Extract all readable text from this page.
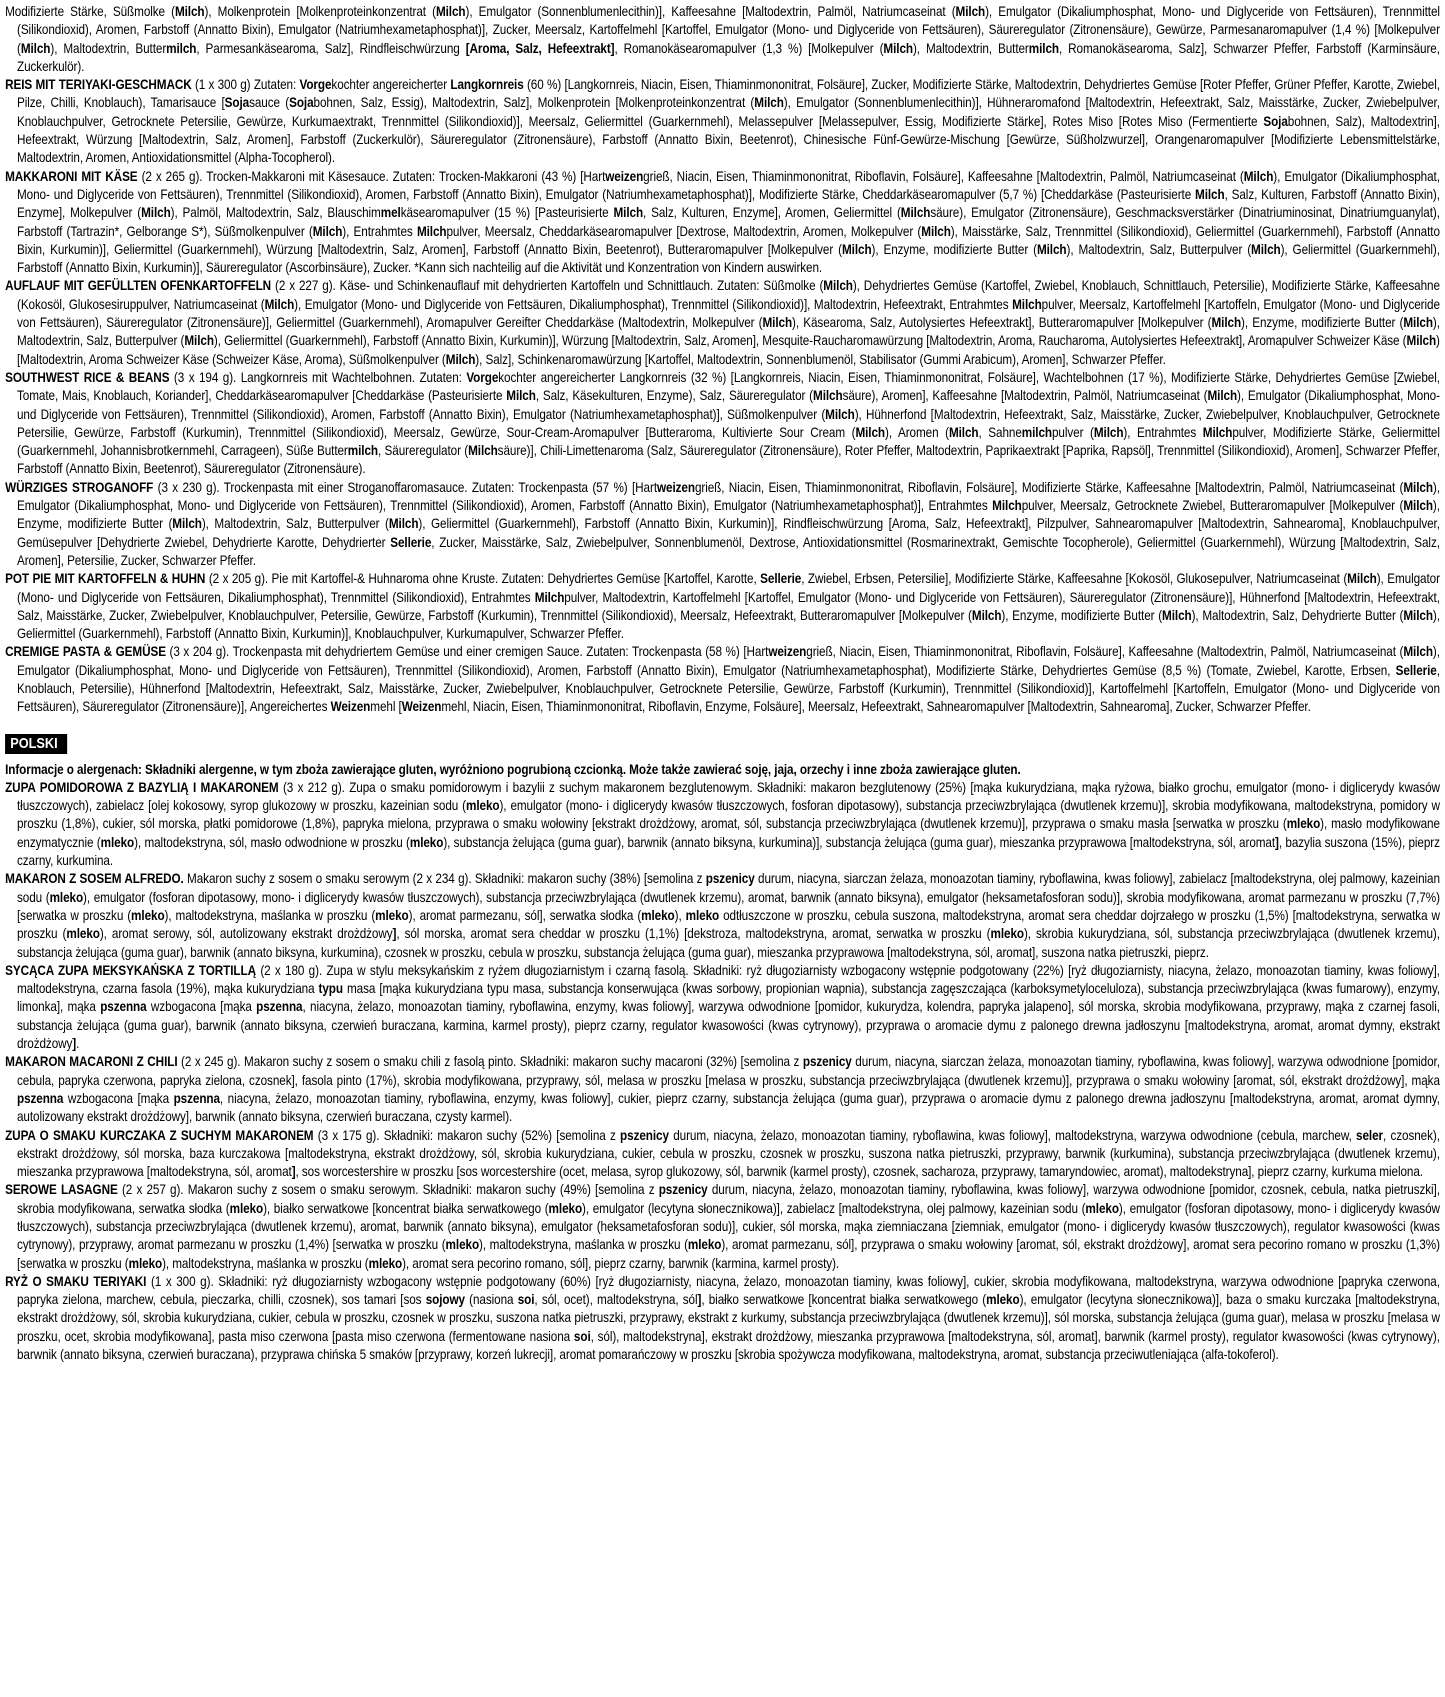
Modifizierte Stärke, Süßmolke (Milch), Molkenprotein [Molkenproteinkonzentrat (Milch), Emulgator (Sonnenblumenlecithin)], Kaffeesahne [Maltodextrin, Palmöl, Natriumcaseinat (Milch), Emulgator (Dikaliumphosphat, Mono- und Diglyceride von Fettsäuren), Trennmittel (Silikondioxid), Aromen, Farbstoff (Annatto Bixin), Emulgator (Natriumhexametaphosphat)], Zucker, Meersalz, Kartoffelmehl [Kartoffel, Emulgator (Mono- und Diglyceride von Fettsäuren), Säureregulator (Zitronensäure), Gewürze, Parmesanaromapulver (1,4 %) [Molkepulver (Milch), Maltodextrin, Buttermilch, Parmesankäsearoma, Salz], Rindfleischwürzung [Aroma, Salz, Hefeextrakt], Romanokäsearomapulver (1,3 %) [Molkepulver (Milch), Maltodextrin, Buttermilch, Romanokäsearoma, Salz], Schwarzer Pfeffer, Farbstoff (Karminsäure, Zuckerkulör).

REIS MIT TERIYAKI-GESCHMACK (1 x 300 g) Zutaten: Vorgekochter angereicherter Langkornreis (60 %) [Langkornreis, Niacin, Eisen, Thiaminmononitrat, Folsäure], Zucker, Modifizierte Stärke, Maltodextrin, Dehydriertes Gemüse [Roter Pfeffer, Grüner Pfeffer, Karotte, Zwiebel, Pilze, Chilli, Knoblauch), Tamarisauce [Sojasauce (Sojabohnen, Salz, Essig), Maltodextrin, Salz], Molkenprotein [Molkenproteinkonzentrat (Milch), Emulgator (Sonnenblumenlecithin)], Hühneraromafond [Maltodextrin, Hefeextrakt, Salz, Maisstärke, Zucker, Zwiebelpulver, Knoblauchpulver, Getrocknete Petersilie, Gewürze, Kurkumaextrakt, Trennmittel (Silikondioxid)], Meersalz, Geliermittel (Guarkernmehl), Melassepulver [Melassepulver, Essig, Modifizierte Stärke], Rotes Miso [Rotes Miso (Fermentierte Sojabohnen, Salz), Maltodextrin], Hefeextrakt, Würzung [Maltodextrin, Salz, Aromen], Farbstoff (Zuckerkulör), Säureregulator (Zitronensäure), Farbstoff (Annatto Bixin, Beetenrot), Chinesische Fünf-Gewürze-Mischung [Gewürze, Süßholzwurzel], Orangenaromapulver [Modifizierte Lebensmittelstärke, Maltodextrin, Aromen, Antioxidationsmittel (Alpha-Tocopherol).

MAKKARONI MIT KÄSE (2 x 265 g). Trocken-Makkaroni mit Käsesauce. Zutaten: Trocken-Makkaroni (43 %) [Hartweizengrieß, Niacin, Eisen, Thiaminmononitrat, Riboflavin, Folsäure], Kaffeesahne [Maltodextrin, Palmöl, Natriumcaseinat (Milch), Emulgator (Dikaliumphosphat, Mono- und Diglyceride von Fettsäuren), Trennmittel (Silikondioxid), Aromen, Farbstoff (Annatto Bixin), Emulgator (Natriumhexametaphosphat)], Modifizierte Stärke, Cheddarkäsearomapulver (5,7 %) [Cheddarkäse (Pasteurisierte Milch, Salz, Kulturen, Farbstoff (Annatto Bixin), Enzyme], Molkepulver (Milch), Palmöl, Maltodextrin, Salz, Blauschimmelkäsearomapulver (15 %) [Pasteurisierte Milch, Salz, Kulturen, Enzyme], Aromen, Geliermittel (Milchsäure), Emulgator (Zitronensäure), Geschmacksverstärker (Dinatriuminosinat, Dinatriumguanylat), Farbstoff (Tartrazin*, Gelborange S*), Süßmolkenpulver (Milch), Entrahmtes Milchpulver, Meersalz, Cheddarkäsearomapulver [Dextrose, Maltodextrin, Aromen, Molkepulver (Milch), Maisstärke, Salz, Trennmittel (Silikondioxid), Geliermittel (Guarkernmehl), Farbstoff (Annatto Bixin, Kurkumin)], Geliermittel (Guarkernmehl), Würzung [Maltodextrin, Salz, Aromen], Farbstoff (Annatto Bixin, Beetenrot), Butteraromapulver [Molkepulver (Milch), Enzyme, modifizierte Butter (Milch), Maltodextrin, Salz, Butterpulver (Milch), Geliermittel (Guarkernmehl), Farbstoff (Annatto Bixin, Kurkumin)], Säureregulator (Ascorbinsäure), Zucker. *Kann sich nachteilig auf die Aktivität und Konzentration von Kindern auswirken.

AUFLAUF MIT GEFÜLLTEN OFENKARTOFFELN (2 x 227 g). Käse- und Schinkenauflauf mit dehydrierten Kartoffeln und Schnittlauch. Zutaten: Süßmolke (Milch), Dehydriertes Gemüse (Kartoffel, Zwiebel, Knoblauch, Schnittlauch, Petersilie), Modifizierte Stärke, Kaffeesahne (Kokosöl, Glukosesiruppulver, Natriumcaseinat (Milch), Emulgator (Mono- und Diglyceride von Fettsäuren, Dikaliumphosphat), Trennmittel (Silikondioxid)], Maltodextrin, Hefeextrakt, Entrahmtes Milchpulver, Meersalz, Kartoffelmehl [Kartoffeln, Emulgator (Mono- und Diglyceride von Fettsäuren), Säureregulator (Zitronensäure)], Geliermittel (Guarkernmehl), Aromapulver Gereifter Cheddarkäse (Maltodextrin, Molkepulver (Milch), Käsearoma, Salz, Autolysiertes Hefeextrakt], Butteraromapulver [Molkepulver (Milch), Enzyme, modifizierte Butter (Milch), Maltodextrin, Salz, Butterpulver (Milch), Geliermittel (Guarkernmehl), Farbstoff (Annatto Bixin, Kurkumin)], Würzung [Maltodextrin, Salz, Aromen], Mesquite-Raucharomawürzung [Maltodextrin, Aroma, Raucharoma, Autolysiertes Hefeextrakt], Aromapulver Schweizer Käse (Milch) [Maltodextrin, Aroma Schweizer Käse (Schweizer Käse, Aroma), Süßmolkenpulver (Milch), Salz], Schinkenaromawürzung [Kartoffel, Maltodextrin, Sonnenblumenöl, Stabilisator (Gummi Arabicum), Aromen], Schwarzer Pfeffer.

SOUTHWEST RICE & BEANS (3 x 194 g). Langkornreis mit Wachtelbohnen. Zutaten: Vorgekochter angereicherter Langkornreis (32 %) [Langkornreis, Niacin, Eisen, Thiaminmononitrat, Folsäure], Wachtelbohnen (17 %), Modifizierte Stärke, Dehydriertes Gemüse [Zwiebel, Tomate, Mais, Knoblauch, Koriander], Cheddarkäsearomapulver [Cheddarkäse (Pasteurisierte Milch, Salz, Käsekulturen, Enzyme), Salz, Säureregulator (Milchsäure), Aromen], Kaffeesahne [Maltodextrin, Palmöl, Natriumcaseinat (Milch), Emulgator (Dikaliumphosphat, Mono- und Diglyceride von Fettsäuren), Trennmittel (Silikondioxid), Aromen, Farbstoff (Annatto Bixin), Emulgator (Natriumhexametaphosphat)], Süßmolkenpulver (Milch), Hühnerfond [Maltodextrin, Hefeextrakt, Salz, Maisstärke, Zucker, Zwiebelpulver, Knoblauchpulver, Getrocknete Petersilie, Gewürze, Farbstoff (Kurkumin), Trennmittel (Silikondioxid), Meersalz, Gewürze, Sour-Cream-Aromapulver [Butteraroma, Kultivierte Sour Cream (Milch), Aromen (Milch, Sahnemilchpulver (Milch), Entrahmtes Milchpulver, Modifizierte Stärke, Geliermittel (Guarkernmehl, Johannisbrotkernmehl, Carrageen), Süße Buttermilch, Säureregulator (Milchsäure)], Chili-Limettenaroma (Salz, Säureregulator (Zitronensäure), Roter Pfeffer, Maltodextrin, Paprikaextrakt [Paprika, Rapsöl], Trennmittel (Silikondioxid), Aromen], Schwarzer Pfeffer, Farbstoff (Annatto Bixin, Beetenrot), Säureregulator (Zitronensäure).

WÜRZIGES STROGANOFF (3 x 230 g). Trockenpasta mit einer Stroganoffaromasauce. Zutaten: Trockenpasta (57 %) [Hartweizengrieß, Niacin, Eisen, Thiaminmononitrat, Riboflavin, Folsäure], Modifizierte Stärke, Kaffeesahne [Maltodextrin, Palmöl, Natriumcaseinat (Milch), Emulgator (Dikaliumphosphat, Mono- und Diglyceride von Fettsäuren), Trennmittel (Silikondioxid), Aromen, Farbstoff (Annatto Bixin), Emulgator (Natriumhexametaphosphat)], Entrahmtes Milchpulver, Meersalz, Getrocknete Zwiebel, Butteraromapulver [Molkepulver (Milch), Enzyme, modifizierte Butter (Milch), Maltodextrin, Salz, Butterpulver (Milch), Geliermittel (Guarkernmehl), Farbstoff (Annatto Bixin, Kurkumin)], Rindfleischwürzung [Aroma, Salz, Hefeextrakt], Pilzpulver, Sahnearomapulver [Maltodextrin, Sahnearoma], Knoblauchpulver, Gemüsepulver [Dehydrierte Zwiebel, Dehydrierte Karotte, Dehydrierter Sellerie, Zucker, Maisstärke, Salz, Zwiebelpulver, Sonnenblumenöl, Dextrose, Antioxidationsmittel (Rosmarinextrakt, Gemischte Tocopherole), Geliermittel (Guarkernmehl), Würzung [Maltodextrin, Salz, Aromen], Petersilie, Zucker, Schwarzer Pfeffer.

POT PIE MIT KARTOFFELN & HUHN (2 x 205 g). Pie mit Kartoffel-& Huhnaroma ohne Kruste. Zutaten: Dehydriertes Gemüse [Kartoffel, Karotte, Sellerie, Zwiebel, Erbsen, Petersilie], Modifizierte Stärke, Kaffeesahne [Kokosöl, Glukosepulver, Natriumcaseinat (Milch), Emulgator (Mono- und Diglyceride von Fettsäuren, Dikaliumphosphat), Trennmittel (Silikondioxid), Entrahmtes Milchpulver, Maltodextrin, Kartoffelmehl [Kartoffel, Emulgator (Mono- und Diglyceride von Fettsäuren), Säureregulator (Zitronensäure)], Hühnerfond [Maltodextrin, Hefeextrakt, Salz, Maisstärke, Zucker, Zwiebelpulver, Knoblauchpulver, Petersilie, Gewürze, Farbstoff (Kurkumin), Trennmittel (Silikondioxid), Meersalz, Hefeextrakt, Butteraromapulver [Molkepulver (Milch), Enzyme, modifizierte Butter (Milch), Maltodextrin, Salz, Dehydrierte Butter (Milch), Geliermittel (Guarkernmehl), Farbstoff (Annatto Bixin, Kurkumin)], Knoblauchpulver, Kurkumapulver, Schwarzer Pfeffer.

CREMIGE PASTA & GEMÜSE (3 x 204 g). Trockenpasta mit dehydriertem Gemüse und einer cremigen Sauce. Zutaten: Trockenpasta (58 %) [Hartweizengrieß, Niacin, Eisen, Thiaminmononitrat, Riboflavin, Folsäure], Kaffeesahne (Maltodextrin, Palmöl, Natriumcaseinat (Milch), Emulgator (Dikaliumphosphat, Mono- und Diglyceride von Fettsäuren), Trennmittel (Silikondioxid), Aromen, Farbstoff (Annatto Bixin), Emulgator (Natriumhexametaphosphat), Modifizierte Stärke, Dehydriertes Gemüse (8,5 %) (Tomate, Zwiebel, Karotte, Erbsen, Sellerie, Knoblauch, Petersilie), Hühnerfond [Maltodextrin, Hefeextrakt, Salz, Maisstärke, Zucker, Zwiebelpulver, Knoblauchpulver, Getrocknete Petersilie, Gewürze, Farbstoff (Kurkumin), Trennmittel (Silikondioxid)], Kartoffelmehl [Kartoffeln, Emulgator (Mono- und Diglyceride von Fettsäuren), Säureregulator (Zitronensäure)], Angereichertes Weizenmehl [Weizenmehl, Niacin, Eisen, Thiaminmononitrat, Riboflavin, Enzyme, Folsäure], Meersalz, Hefeextrakt, Sahnearomapulver [Maltodextrin, Sahnearoma], Zucker, Schwarzer Pfeffer.

POLSKI

Informacje o alergenach: Składniki alergenne, w tym zboża zawierające gluten, wyróżniono pogrubioną czcionką. Może także zawierać soję, jaja, orzechy i inne zboża zawierające gluten.

ZUPA POMIDOROWA Z BAZYLIĄ I MAKARONEM (3 x 212 g). Zupa o smaku pomidorowym i bazylii z suchym makaronem bezglutenowym. Składniki: makaron bezglutenowy (25%) [mąka kukurydziana, mąka ryżowa, białko grochu, emulgator (mono- i diglicerydy kwasów tłuszczowych), zabielacz [olej kokosowy, syrop glukozowy w proszku, kazeinian sodu (mleko), emulgator (mono- i diglicerydy kwasów tłuszczowych, fosforan dipotasowy), substancja przeciwzbrylająca (dwutlenek krzemu)], skrobia modyfikowana, maltodekstryna, pomidory w proszku (1,8%), cukier, sól morska, płatki pomidorowe (1,8%), papryka mielona, przyprawa o smaku wołowiny [ekstrakt drożdżowy, aromat, sól, substancja przeciwzbrylająca (dwutlenek krzemu)], przyprawa o smaku masła [serwatka w proszku (mleko), masło modyfikowane enzymatycznie (mleko), maltodekstryna, sól, masło odwodnione w proszku (mleko), substancja żelująca (guma guar), barwnik (annato biksyna, kurkumina)], substancja żelująca (guma guar), mieszanka przyprawowa [maltodekstryna, sól, aromat], bazylia suszona (15%), pieprz czarny, kurkumina.

MAKARON Z SOSEM ALFREDO. Makaron suchy z sosem o smaku serowym (2 x 234 g). Składniki: makaron suchy (38%) [semolina z pszenicy durum, niacyna, siarczan żelaza, monoazotan tiaminy, ryboflawina, kwas foliowy], zabielacz [maltodekstryna, olej palmowy, kazeinian sodu (mleko), emulgator (fosforan dipotasowy, mono- i diglicerydy kwasów tłuszczowych), substancja przeciwzbrylająca (dwutlenek krzemu), aromat, barwnik (annato biksyna), emulgator (heksametafosforan sodu)], skrobia modyfikowana, aromat parmezanu w proszku (7,7%) [serwatka w proszku (mleko), maltodekstryna, maślanka w proszku (mleko), aromat parmezanu, sól], serwatka słodka (mleko), mleko odtłuszczone w proszku, cebula suszona, maltodekstryna, aromat sera cheddar dojrzałego w proszku (1,5%) [maltodekstryna, serwatka w proszku (mleko), aromat serowy, sól, autolizowany ekstrakt drożdżowy], sól morska, aromat sera cheddar w proszku (1,1%) [dekstroza, maltodekstryna, aromat, serwatka w proszku (mleko), skrobia kukurydziana, sól, substancja przeciwzbrylająca (dwutlenek krzemu), substancja żelująca (guma guar), barwnik (annato biksyna, kurkumina), czosnek w proszku, cebula w proszku, substancja żelująca (guma guar), mieszanka przyprawowa [maltodekstryna, sól, aromat], suszona natka pietruszki, pieprz.

SYCĄCA ZUPA MEKSYKAŃSKA Z TORTILLĄ (2 x 180 g). Zupa w stylu meksykańskim z ryżem długoziarnistym i czarną fasolą. Składniki: ryż długoziarnisty wzbogacony wstępnie podgotowany (22%) [ryż długoziarnisty, niacyna, żelazo, monoazotan tiaminy, kwas foliowy], maltodekstryna, czarna fasola (19%), mąka kukurydziana typu masa [mąka kukurydziana typu masa, substancja konserwująca (kwas sorbowy, propionian wapnia), substancja zagęszczająca (karboksymetyloceluloza), substancja przeciwzbrylająca (kwas fumarowy), enzymy, limonka], mąka pszenna wzbogacona [mąka pszenna, niacyna, żelazo, monoazotan tiaminy, ryboflawina, enzymy, kwas foliowy], warzywa odwodnione [pomidor, kukurydza, kolendra, papryka jalapeno], sól morska, skrobia modyfikowana, przyprawy, mąka z czarnej fasoli, substancja żelująca (guma guar), barwnik (annato biksyna, czerwień buraczana, karmina, karmel prosty), pieprz czarny, regulator kwasowości (kwas cytrynowy), przyprawa o aromacie dymu z palonego drewna jadłoszynu [maltodekstryna, aromat, aromat dymny, ekstrakt drożdżowy].

MAKARON MACARONI Z CHILI (2 x 245 g). Makaron suchy z sosem o smaku chili z fasolą pinto. Składniki: makaron suchy macaroni (32%) [semolina z pszenicy durum, niacyna, siarczan żelaza, monoazotan tiaminy, ryboflawina, kwas foliowy], warzywa odwodnione [pomidor, cebula, papryka czerwona, papryka zielona, czosnek], fasola pinto (17%), skrobia modyfikowana, przyprawy, sól, melasa w proszku [melasa w proszku, substancja przeciwzbrylająca (dwutlenek krzemu)], przyprawa o smaku wołowiny [aromat, sól, ekstrakt drożdżowy], mąka pszenna wzbogacona [mąka pszenna, niacyna, żelazo, monoazotan tiaminy, ryboflawina, enzymy, kwas foliowy], cukier, pieprz czarny, substancja żelująca (guma guar), przyprawa o aromacie dymu z palonego drewna jadłoszynu [maltodekstryna, aromat, aromat dymny, autolizowany ekstrakt drożdżowy], barwnik (annato biksyna, czerwień buraczana, czysty karmel).

ZUPA O SMAKU KURCZAKA Z SUCHYM MAKARONEM (3 x 175 g). Składniki: makaron suchy (52%) [semolina z pszenicy durum, niacyna, żelazo, monoazotan tiaminy, ryboflawina, kwas foliowy], maltodekstryna, warzywa odwodnione (cebula, marchew, seler, czosnek), ekstrakt drożdżowy, sól morska, baza kurczakowa [maltodekstryna, ekstrakt drożdżowy, sól, skrobia kukurydziana, cukier, cebula w proszku, czosnek w proszku, suszona natka pietruszki, przyprawy, barwnik (kurkumina), substancja przeciwzbrylająca (dwutlenek krzemu), mieszanka przyprawowa [maltodekstryna, sól, aromat], sos worcestershire w proszku [sos worcestershire (ocet, melasa, syrop glukozowy, sól, barwnik (karmel prosty), czosnek, sacharoza, przyprawy, tamaryndowiec, aromat), maltodekstryna], pieprz czarny, kurkuma mielona.

SEROWE LASAGNE (2 x 257 g). Makaron suchy z sosem o smaku serowym. Składniki: makaron suchy (49%) [semolina z pszenicy durum, niacyna, żelazo, monoazotan tiaminy, ryboflawina, kwas foliowy], warzywa odwodnione [pomidor, czosnek, cebula, natka pietruszki], skrobia modyfikowana, serwatka słodka (mleko), białko serwatkowe [koncentrat białka serwatkowego (mleko), emulgator (lecytyna słonecznikowa)], zabielacz [maltodekstryna, olej palmowy, kazeinian sodu (mleko), emulgator (fosforan dipotasowy, mono- i diglicerydy kwasów tłuszczowych), substancja przeciwzbrylająca (dwutlenek krzemu), aromat, barwnik (annato biksyna), emulgator (heksametafosforan sodu)], cukier, sól morska, mąka ziemniaczana [ziemniak, emulgator (mono- i diglicerydy kwasów tłuszczowych), regulator kwasowości (kwas cytrynowy), przyprawy, aromat parmezanu w proszku (1,4%) [serwatka w proszku (mleko), maltodekstryna, maślanka w proszku (mleko), aromat parmezanu, sól], przyprawa o smaku wołowiny [aromat, sól, ekstrakt drożdżowy], aromat sera pecorino romano w proszku (1,3%) [serwatka w proszku (mleko), maltodekstryna, maślanka w proszku (mleko), aromat sera pecorino romano, sól], pieprz czarny, barwnik (karmina, karmel prosty).

RYŻ O SMAKU TERIYAKI (1 x 300 g). Składniki: ryż długoziarnisty wzbogacony wstępnie podgotowany (60%) [ryż długoziarnisty, niacyna, żelazo, monoazotan tiaminy, kwas foliowy], cukier, skrobia modyfikowana, maltodekstryna, warzywa odwodnione [papryka czerwona, papryka zielona, marchew, cebula, pieczarka, chilli, czosnek), sos tamari [sos sojowy (nasiona soi, sól, ocet), maltodekstryna, sól], białko serwatkowe [koncentrat białka serwatkowego (mleko), emulgator (lecytyna słonecznikowa)], baza o smaku kurczaka [maltodekstryna, ekstrakt drożdżowy, sól, skrobia kukurydziana, cukier, cebula w proszku, czosnek w proszku, suszona natka pietruszki, przyprawy, ekstrakt z kurkumy, substancja przeciwzbrylająca (dwutlenek krzemu)], sól morska, substancja żelująca (guma guar), melasa w proszku [melasa w proszku, ocet, skrobia modyfikowana], pasta miso czerwona [pasta miso czerwona (fermentowane nasiona soi, sól), maltodekstryna], ekstrakt drożdżowy, mieszanka przyprawowa [maltodekstryna, sól, aromat], barwnik (karmel prosty), regulator kwasowości (kwas cytrynowy), barwnik (annato biksyna, czerwień buraczana), przyprawa chińska 5 smaków [przyprawy, korzeń lukrecji], aromat pomarańczowy w proszku [skrobia spożywcza modyfikowana, maltodekstryna, aromat, substancja przeciwutleniająca (alfa-tokoferol).
